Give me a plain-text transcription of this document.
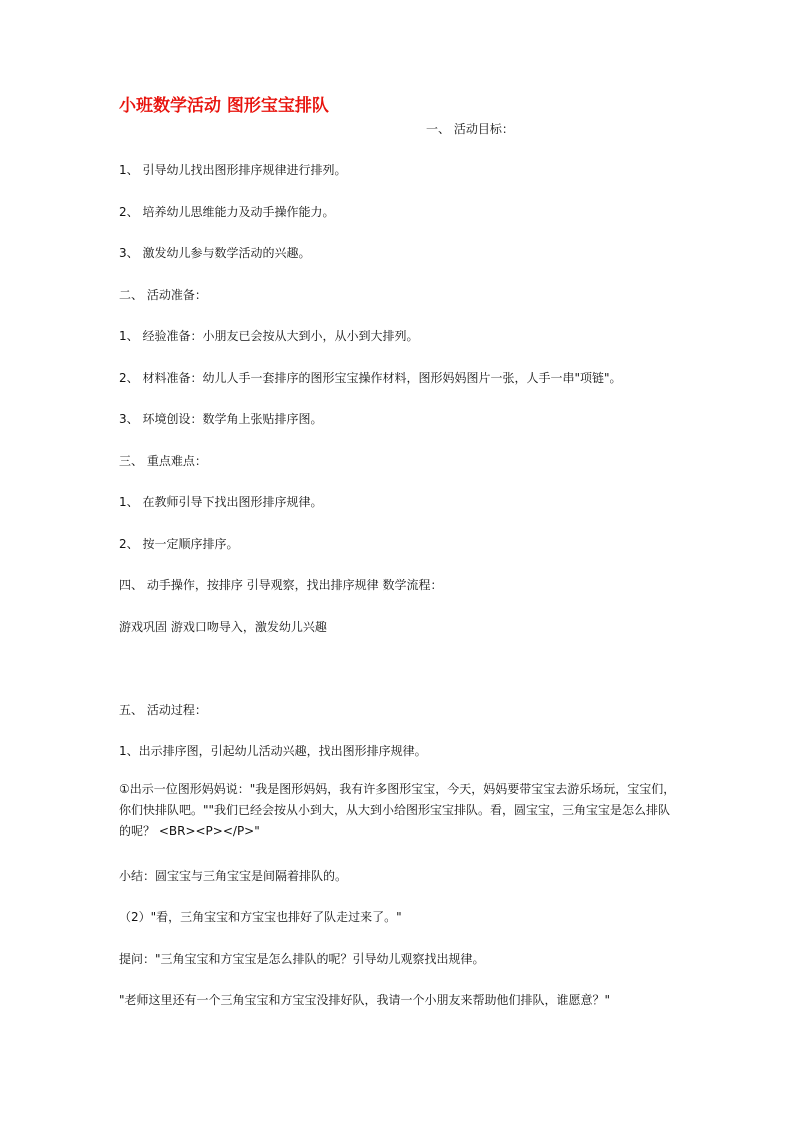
小班数学活动 图形宝宝排队

一、 活动目标：

1、 引导幼儿找出图形排序规律进行排列。

2、 培养幼儿思维能力及动手操作能力。

3、 激发幼儿参与数学活动的兴趣。

二、 活动准备：

1、 经验准备：小朋友已会按从大到小，从小到大排列。

2、 材料准备：幼儿人手一套排序的图形宝宝操作材料，图形妈妈图片一张，人手一串"项链"。

3、 环境创设：数学角上张贴排序图。

三、 重点难点：

1、 在教师引导下找出图形排序规律。

2、 按一定顺序排序。

四、 动手操作，按排序 引导观察，找出排序规律 数学流程：

游戏巩固 游戏口吻导入，激发幼儿兴趣

五、 活动过程：

1、出示排序图，引起幼儿活动兴趣，找出图形排序规律。

①出示一位图形妈妈说："我是图形妈妈，我有许多图形宝宝，今天，妈妈要带宝宝去游乐场玩，宝宝们，你们快排队吧。""我们已经会按从小到大，从大到小给图形宝宝排队。看，圆宝宝，三角宝宝是怎么排队的呢？ <BR><P></P>"

小结：圆宝宝与三角宝宝是间隔着排队的。

（2）"看，三角宝宝和方宝宝也排好了队走过来了。"

提问："三角宝宝和方宝宝是怎么排队的呢？引导幼儿观察找出规律。

"老师这里还有一个三角宝宝和方宝宝没排好队，我请一个小朋友来帮助他们排队，谁愿意？"
